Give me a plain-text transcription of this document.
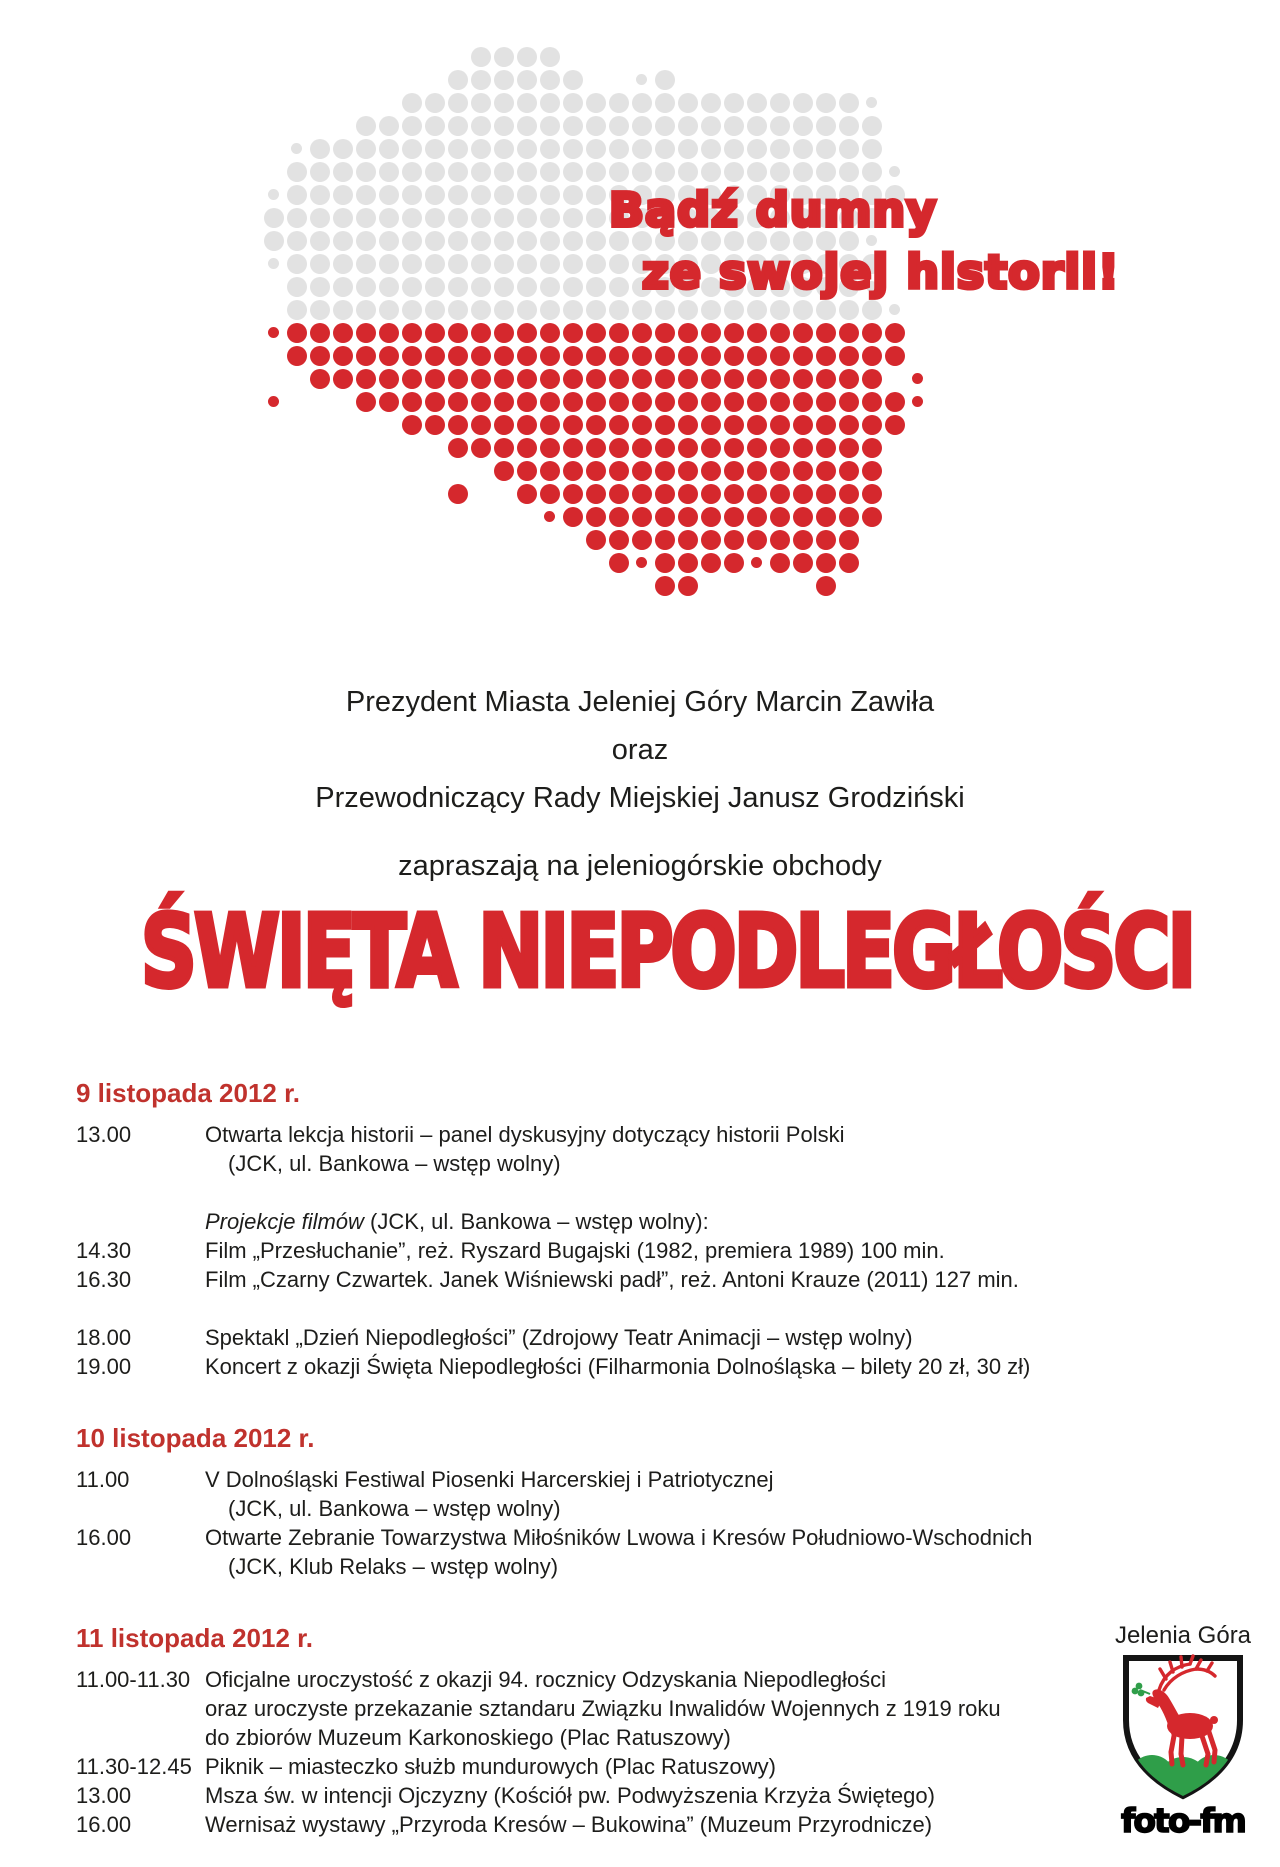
Bądź dumny
ze swojej historii!
Prezydent Miasta Jeleniej Góry Marcin Zawiła
oraz
Przewodniczący Rady Miejskiej Janusz Grodziński
zapraszają na jeleniogórskie obchody
ŚWIĘTA NIEPODLEGŁOŚCI
9 listopada 2012 r.
13.00	Otwarta lekcja historii – panel dyskusyjny dotyczący historii Polski
(JCK, ul. Bankowa – wstęp wolny)
Projekcje filmów (JCK, ul. Bankowa – wstęp wolny):
14.30	Film „Przesłuchanie”, reż. Ryszard Bugajski (1982, premiera 1989) 100 min.
16.30	Film „Czarny Czwartek. Janek Wiśniewski padł”, reż. Antoni Krauze (2011) 127 min.
18.00	Spektakl „Dzień Niepodległości” (Zdrojowy Teatr Animacji – wstęp wolny)
19.00	Koncert z okazji Święta Niepodległości (Filharmonia Dolnośląska – bilety 20 zł, 30 zł)
10 listopada 2012 r.
11.00	V Dolnośląski Festiwal Piosenki Harcerskiej i Patriotycznej
(JCK, ul. Bankowa – wstęp wolny)
16.00	Otwarte Zebranie Towarzystwa Miłośników Lwowa i Kresów Południowo-Wschodnich
(JCK, Klub Relaks – wstęp wolny)
11 listopada 2012 r.
11.00-11.30 Oficjalne uroczystość z okazji 94. rocznicy Odzyskania Niepodległości
oraz uroczyste przekazanie sztandaru Związku Inwalidów Wojennych z 1919 roku
do zbiorów Muzeum Karkonoskiego (Plac Ratuszowy)
11.30-12.45 Piknik – miasteczko służb mundurowych (Plac Ratuszowy)
13.00	Msza św. w intencji Ojczyzny (Kościół pw. Podwyższenia Krzyża Świętego)
16.00	Wernisaż wystawy „Przyroda Kresów – Bukowina” (Muzeum Przyrodnicze)
Jelenia Góra
foto-fm
